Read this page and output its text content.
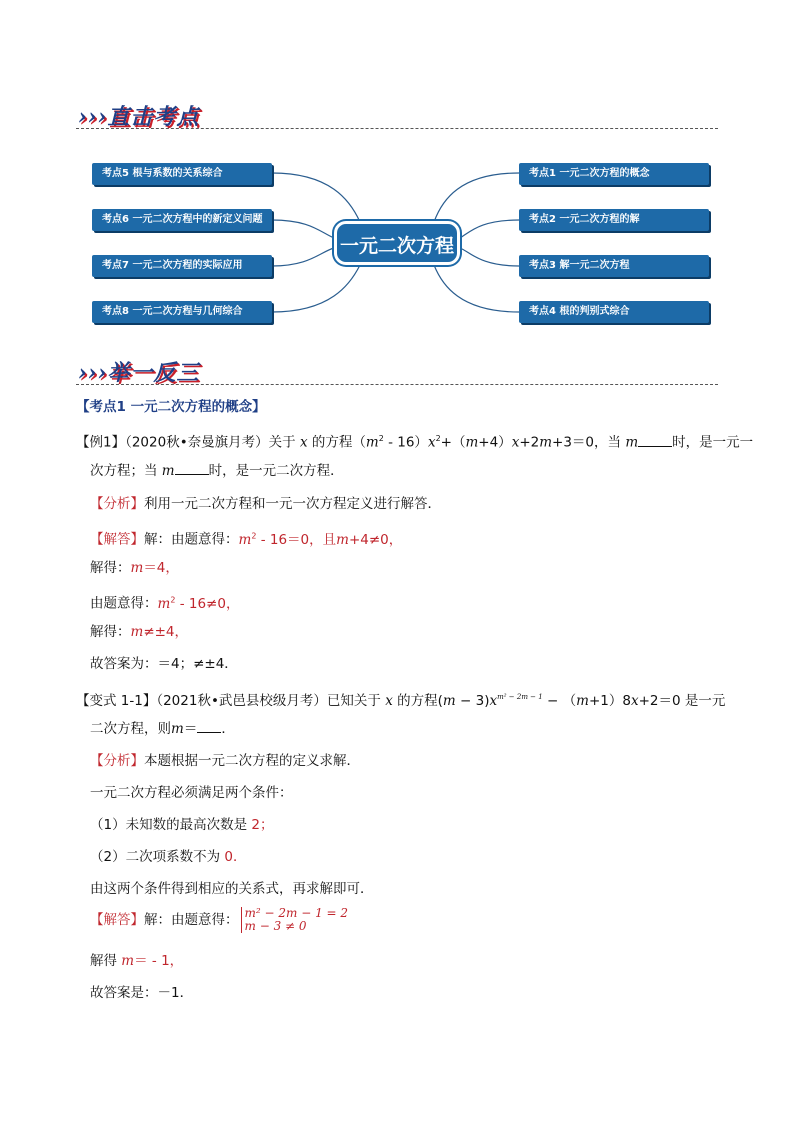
›››直击考点
考点5 根与系数的关系综合
考点6 一元二次方程中的新定义问题
考点7 一元二次方程的实际应用
考点8 一元二次方程与几何综合
一元二次方程
考点1 一元二次方程的概念
考点2 一元二次方程的解
考点3 解一元二次方程
考点4 根的判别式综合
›››举一反三
【考点1 一元二次方程的概念】
【例1】（2020秋•奈曼旗月考）关于 x 的方程$(m^2 - 16)x^2+(m+4)x+2m+3=0$，当 m	时，是一元一
次方程；当 m	时，是一元二次方程．
【分析】利用一元二次方程和一元一次方程定义进行解答．
【解答】解：由题意得：$m^2 - 16=0$，且m+4≠0，
解得：m＝4，
由题意得：$m^2 - 16\ne 0$，
解得：m≠±4，
故答案为：＝4；≠±4．
【变式 1-1】（2021秋•武邑县校级月考）已知关于 x 的方程$(m - 3)x^{m^2 - 2m - 1} - (m+1)8x+2=0$ 是一元
二次方程，则m＝ ．
【分析】本题根据一元二次方程的定义求解．
一元二次方程必须满足两个条件：
（1）未知数的最高次数是 2；
（2）二次项系数不为 0．
由这两个条件得到相应的关系式，再求解即可．
【解答】解：由题意得： m² − 2m − 1 = 2
m − 3 ≠ 0
解得 m＝ - 1，
故答案是：－1．
